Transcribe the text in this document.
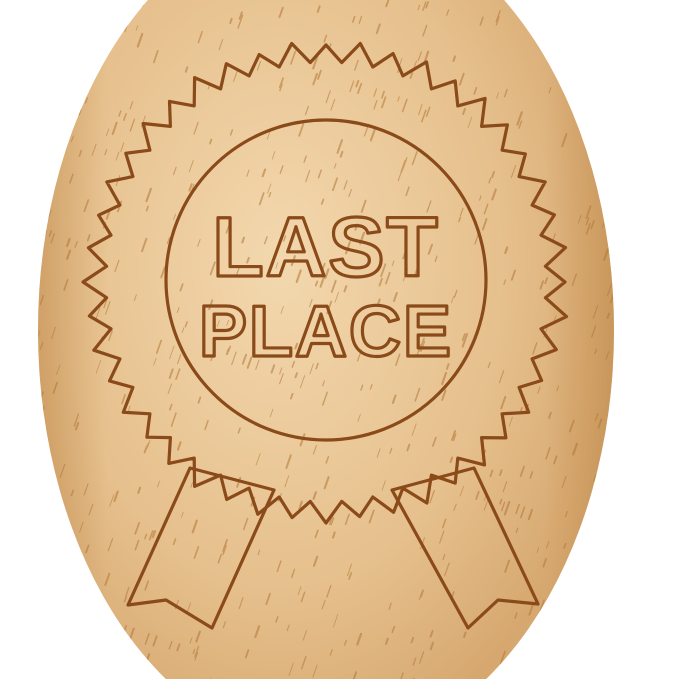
LAST
PLACE
